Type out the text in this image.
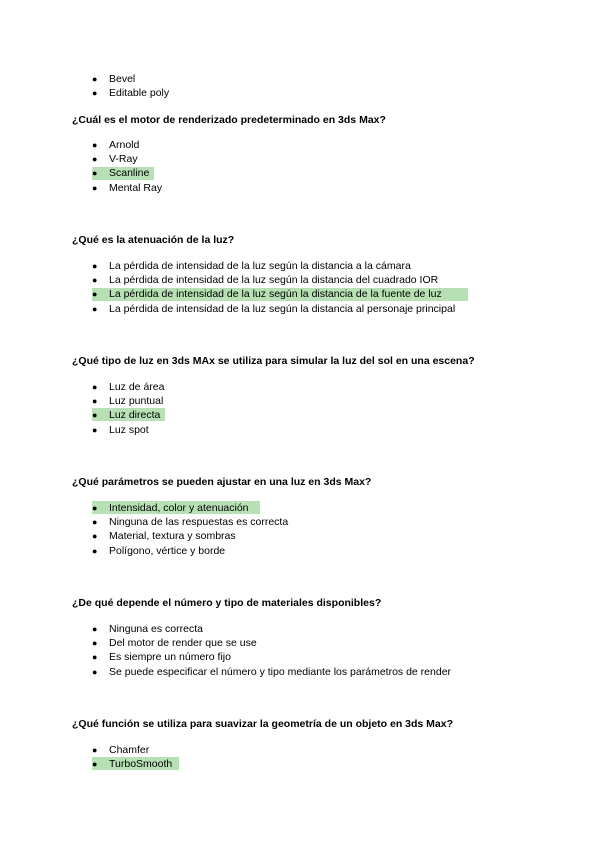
●	Bevel
●	Editable poly
¿Cuál es el motor de renderizado predeterminado en 3ds Max?
●	Arnold
●	V-Ray
●	Scanline
●	Mental Ray
¿Qué es la atenuación de la luz?
●	La pérdida de intensidad de la luz según la distancia a la cámara
●	La pérdida de intensidad de la luz según la distancia del cuadrado IOR
●	La pérdida de intensidad de la luz según la distancia de la fuente de luz
●	La pérdida de intensidad de la luz según la distancia al personaje principal
¿Qué tipo de luz en 3ds MAx se utiliza para simular la luz del sol en una escena?
●	Luz de área
●	Luz puntual
●	Luz directa
●	Luz spot
¿Qué parámetros se pueden ajustar en una luz en 3ds Max?
●	Intensidad, color y atenuación
●	Ninguna de las respuestas es correcta
●	Material, textura y sombras
●	Polígono, vértice y borde
¿De qué depende el número y tipo de materiales disponibles?
●	Ninguna es correcta
●	Del motor de render que se use
●	Es siempre un número fijo
●	Se puede especificar el número y tipo mediante los parámetros de render
¿Qué función se utiliza para suavizar la geometría de un objeto en 3ds Max?
●	Chamfer
●	TurboSmooth
